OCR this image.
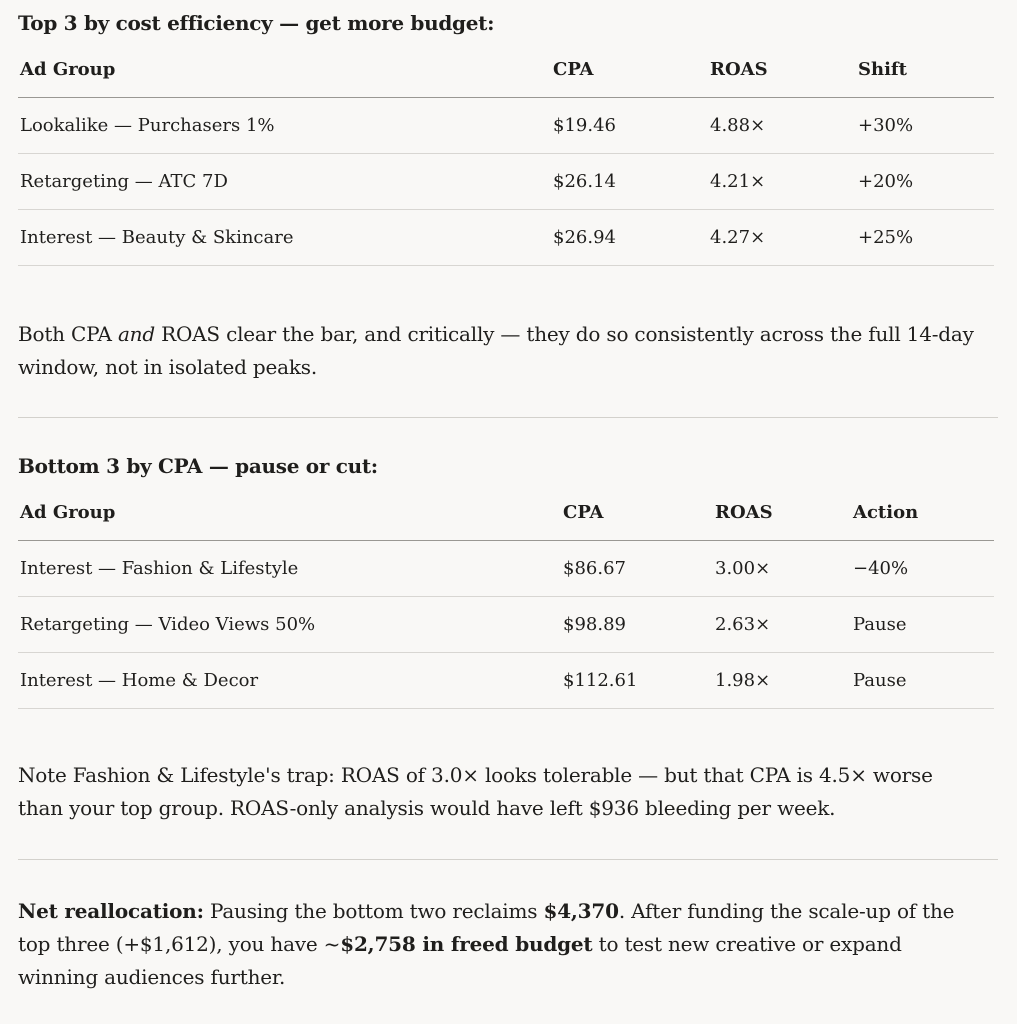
Top 3 by cost efficiency — get more budget:
Ad Group	CPA	ROAS	Shift
Lookalike — Purchasers 1%	$19.46	4.88×	+30%
Retargeting — ATC 7D	$26.14	4.21×	+20%
Interest — Beauty & Skincare	$26.94	4.27×	+25%

Both CPA and ROAS clear the bar, and critically — they do so consistently across the full 14-day window, not in isolated peaks.

Bottom 3 by CPA — pause or cut:
Ad Group	CPA	ROAS	Action
Interest — Fashion & Lifestyle	$86.67	3.00×	−40%
Retargeting — Video Views 50%	$98.89	2.63×	Pause
Interest — Home & Decor	$112.61	1.98×	Pause

Note Fashion & Lifestyle's trap: ROAS of 3.0× looks tolerable — but that CPA is 4.5× worse than your top group. ROAS-only analysis would have left $936 bleeding per week.

Net reallocation: Pausing the bottom two reclaims $4,370. After funding the scale-up of the top three (+$1,612), you have ~$2,758 in freed budget to test new creative or expand winning audiences further.
